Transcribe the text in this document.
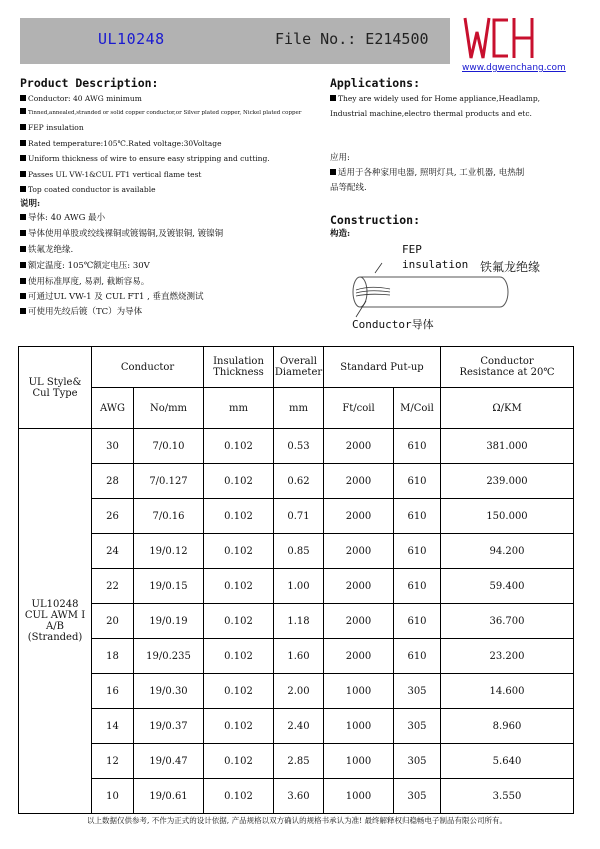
UL10248	File No.: E214500
www.dgwenchang.com
Product Description:
Conductor: 40 AWG minimum
Tinned,annealed,stranded or solid copper conductor,or Silver plated copper, Nickel plated copper
FEP insulation
Rated temperature:105℃.Rated voltage:30Voltage
Uniform thickness of wire to ensure easy stripping and cutting.
Passes UL VW-1&CUL FT1 vertical flame test
Top coated conductor is available
说明:
导体: 40 AWG 最小
导体使用单股或绞线裸铜或镀锡铜,及镀银铜, 镀镍铜
铁氟龙绝缘.
额定温度: 105℃额定电压: 30V
使用标准厚度, 易剥, 截断容易。
可通过UL VW-1 及 CUL FT1 , 垂直燃烧测试
可使用先绞后镀（TC）为导体
Applications:
They are widely used for Home appliance,Headlamp,
Industrial machine,electro thermal products and etc.
应用:
适用于各种家用电器, 照明灯具, 工业机器, 电热制
品等配线.
Construction:
构造:
FEP
insulation 铁氟龙绝缘
Conductor导体
UL Style&
Cul Type	Conductor		Insulation
Thickness	Overall
Diameter	Standard Put-up		Conductor
Resistance at 20℃
	AWG	No/mm	mm	mm	Ft/coil	M/Coil	Ω/KM
UL10248
CUL AWM I
A/B
(Stranded)	30	7/0.10	0.102	0.53	2000	610	381.000
	28	7/0.127	0.102	0.62	2000	610	239.000
	26	7/0.16	0.102	0.71	2000	610	150.000
	24	19/0.12	0.102	0.85	2000	610	94.200
	22	19/0.15	0.102	1.00	2000	610	59.400
	20	19/0.19	0.102	1.18	2000	610	36.700
	18	19/0.235	0.102	1.60	2000	610	23.200
	16	19/0.30	0.102	2.00	1000	305	14.600
	14	19/0.37	0.102	2.40	1000	305	8.960
	12	19/0.47	0.102	2.85	1000	305	5.640
	10	19/0.61	0.102	3.60	1000	305	3.550
以上数据仅供参考, 不作为正式的设计依据, 产品规格以双方确认的规格书承认为准! 最终解释权归稳畅电子制品有限公司所有。
